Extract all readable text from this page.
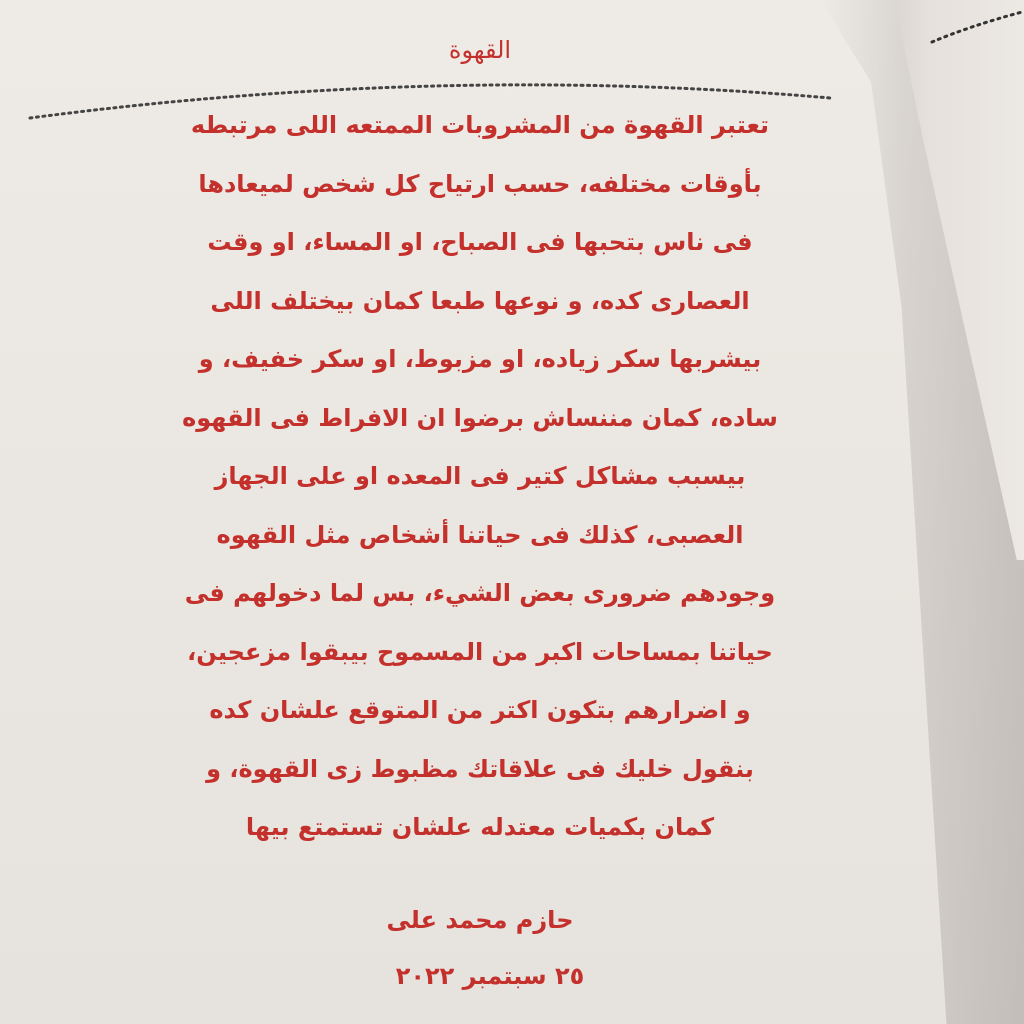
القهوة
تعتبر القهوة من المشروبات الممتعه اللى مرتبطه
بأوقات مختلفه، حسب ارتياح كل شخص لميعادها
فى ناس بتحبها فى الصباح، او المساء، او وقت
العصارى كده، و نوعها طبعا كمان بيختلف اللى
بيشربها سكر زياده، او مزبوط، او سكر خفيف، و
ساده، كمان مننساش برضوا ان الافراط فى القهوه
بيسبب مشاكل كتير فى المعده او على الجهاز
العصبى، كذلك فى حياتنا أشخاص مثل القهوه
وجودهم ضرورى بعض الشيء، بس لما دخولهم فى
حياتنا بمساحات اكبر من المسموح بيبقوا مزعجين،
و اضرارهم بتكون اكتر من المتوقع علشان كده
بنقول خليك فى علاقاتك مظبوط زى القهوة، و
كمان بكميات معتدله علشان تستمتع بيها
حازم محمد على
٢٥ سبتمبر ٢٠٢٢
